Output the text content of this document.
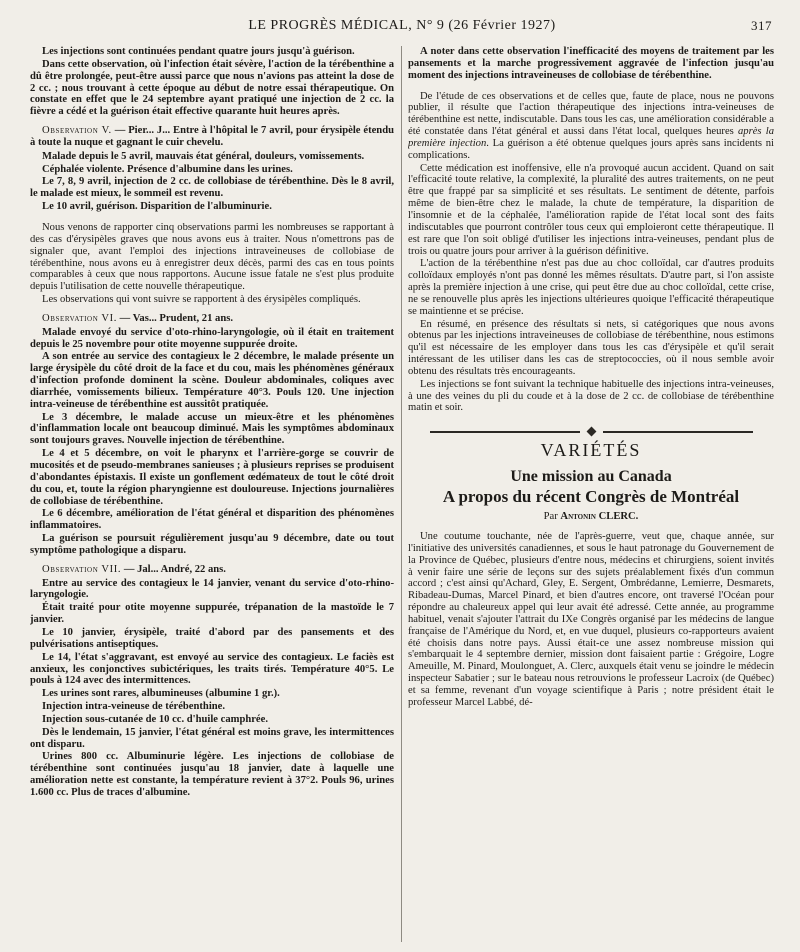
LE PROGRÈS MÉDICAL, N° 9 (26 Février 1927)	317

Les injections sont continuées pendant quatre jours jusqu'à guérison.

Dans cette observation, où l'infection était sévère, l'action de la térébenthine a dû être prolongée, peut-être aussi parce que nous n'avions pas atteint la dose de 2 cc. ; nous trouvant à cette époque au début de notre essai thérapeutique. On constate en effet que le 24 septembre ayant pratiqué une injection de 2 cc. la fièvre a cédé et la guérison était effective quarante huit heures après.

Observation V. — Pier... J... Entre à l'hôpital le 7 avril, pour érysipèle étendu à toute la nuque et gagnant le cuir chevelu.

Malade depuis le 5 avril, mauvais état général, douleurs, vomissements.

Céphalée violente. Présence d'albumine dans les urines.

Le 7, 8, 9 avril, injection de 2 cc. de collobiase de térébenthine. Dès le 8 avril, le malade est mieux, le sommeil est revenu.

Le 10 avril, guérison. Disparition de l'albuminurie.

Nous venons de rapporter cinq observations parmi les nombreuses se rapportant à des cas d'érysipèles graves que nous avons eus à traiter. Nous n'omettrons pas de signaler que, avant l'emploi des injections intraveineuses de collobiase de térébenthine, nous avons eu à enregistrer deux décès, parmi des cas en tous points comparables à ceux que nous rapportons. Aucune issue fatale ne s'est plus produite depuis l'utilisation de cette nouvelle thérapeutique.

Les observations qui vont suivre se rapportent à des érysipèles compliqués.

Observation VI. — Vas... Prudent, 21 ans.

Malade envoyé du service d'oto-rhino-laryngologie, où il était en traitement depuis le 25 novembre pour otite moyenne suppurée droite.

A son entrée au service des contagieux le 2 décembre, le malade présente un large érysipèle du côté droit de la face et du cou, mais les phénomènes généraux d'infection profonde dominent la scène. Douleur abdominales, coliques avec diarrhée, vomissements bilieux. Température 40°3. Pouls 120. Une injection intra-veineuse de térébenthine est aussitôt pratiquée.

Le 3 décembre, le malade accuse un mieux-être et les phénomènes d'inflammation locale ont beaucoup diminué. Mais les symptômes abdominaux sont toujours graves. Nouvelle injection de térébenthine.

Le 4 et 5 décembre, on voit le pharynx et l'arrière-gorge se couvrir de mucosités et de pseudo-membranes sanieuses ; à plusieurs reprises se produisent d'abondantes épistaxis. Il existe un gonflement œdémateux de tout le côté droit du cou, et, toute la région pharyngienne est douloureuse. Injections journalières de collobiase de térébenthine.

Le 6 décembre, amélioration de l'état général et disparition des phénomènes inflammatoires.

La guérison se poursuit régulièrement jusqu'au 9 décembre, date ou tout symptôme pathologique a disparu.

Observation VII. — Jal... André, 22 ans.

Entre au service des contagieux le 14 janvier, venant du service d'oto-rhino-laryngologie.

Était traité pour otite moyenne suppurée, trépanation de la mastoïde le 7 janvier.

Le 10 janvier, érysipèle, traité d'abord par des pansements et des pulvérisations antiseptiques.

Le 14, l'état s'aggravant, est envoyé au service des contagieux. Le faciès est anxieux, les conjonctives subictériques, les traits tirés. Température 40°5. Le pouls à 124 avec des intermittences.

Les urines sont rares, albumineuses (albumine 1 gr.).

Injection intra-veineuse de térébenthine.

Injection sous-cutanée de 10 cc. d'huile camphrée.

Dès le lendemain, 15 janvier, l'état général est moins grave, les intermittences ont disparu.

Urines 800 cc. Albuminurie légère. Les injections de collobiase de térébenthine sont continuées jusqu'au 18 janvier, date à laquelle une amélioration nette est constante, la température revient à 37°2. Pouls 96, urines 1.600 cc. Plus de traces d'albumine.

A noter dans cette observation l'inefficacité des moyens de traitement par les pansements et la marche progressivement aggravée de l'infection jusqu'au moment des injections intraveineuses de collobiase de térébenthine.

De l'étude de ces observations et de celles que, faute de place, nous ne pouvons publier, il résulte que l'action thérapeutique des injections intra-veineuses de térébenthine est nette, indiscutable. Dans tous les cas, une amélioration considérable a été constatée dans l'état général et aussi dans l'état local, quelques heures après la première injection. La guérison a été obtenue quelques jours après sans incidents ni complications.

Cette médication est inoffensive, elle n'a provoqué aucun accident. Quand on sait l'efficacité toute relative, la complexité, la pluralité des autres traitements, on ne peut être que frappé par sa simplicité et ses résultats. Le sentiment de détente, parfois même de bien-être chez le malade, la chute de température, la disparition de l'insomnie et de la céphalée, l'amélioration rapide de l'état local sont des faits indiscutables que pourront contrôler tous ceux qui emploieront cette thérapeutique. Il est rare que l'on soit obligé d'utiliser les injections intra-veineuses, pendant plus de trois ou quatre jours pour arriver à la guérison définitive.

L'action de la térébenthine n'est pas due au choc colloïdal, car d'autres produits colloïdaux employés n'ont pas donné les mêmes résultats. D'autre part, si l'on assiste après la première injection à une crise, qui peut être due au choc colloïdal, cette crise, ne se renouvelle plus après les injections ultérieures quoique l'efficacité thérapeutique se maintienne et se précise.

En résumé, en présence des résultats si nets, si catégoriques que nous avons obtenus par les injections intraveineuses de collobiase de térébenthine, nous estimons qu'il est nécessaire de les employer dans tous les cas d'érysipèle et qu'il serait intéressant de les utiliser dans les cas de streptococcies, où il nous semble avoir obtenu des résultats très encourageants.

Les injections se font suivant la technique habituelle des injections intra-veineuses, à une des veines du pli du coude et à la dose de 2 cc. de collobiase de térébenthine matin et soir.

VARIÉTÉS
Une mission au Canada
A propos du récent Congrès de Montréal
Par Antonin CLERC.

Une coutume touchante, née de l'après-guerre, veut que, chaque année, sur l'initiative des universités canadiennes, et sous le haut patronage du Gouvernement de la Province de Québec, plusieurs d'entre nous, médecins et chirurgiens, soient invités à venir faire une série de leçons sur des sujets préalablement fixés d'un commun accord ; c'est ainsi qu'Achard, Gley, E. Sergent, Ombrédanne, Lemierre, Desmarets, Ribadeau-Dumas, Marcel Pinard, et bien d'autres encore, ont traversé l'Océan pour répondre au chaleureux appel qui leur avait été adressé. Cette année, au programme habituel, venait s'ajouter l'attrait du IXe Congrès organisé par les médecins de langue française de l'Amérique du Nord, et, en vue duquel, plusieurs co-rapporteurs avaient été choisis dans notre pays. Aussi était-ce une assez nombreuse mission qui s'embarquait le 4 septembre dernier, mission dont faisaient partie : Grégoire, Logre Ameuille, M. Pinard, Moulonguet, A. Clerc, auxquels était venu se joindre le médecin inspecteur Sabatier ; sur le bateau nous retrouvions le professeur Lacroix (de Québec) et sa femme, revenant d'un voyage scientifique à Paris ; notre président était le professeur Marcel Labbé, dé-
